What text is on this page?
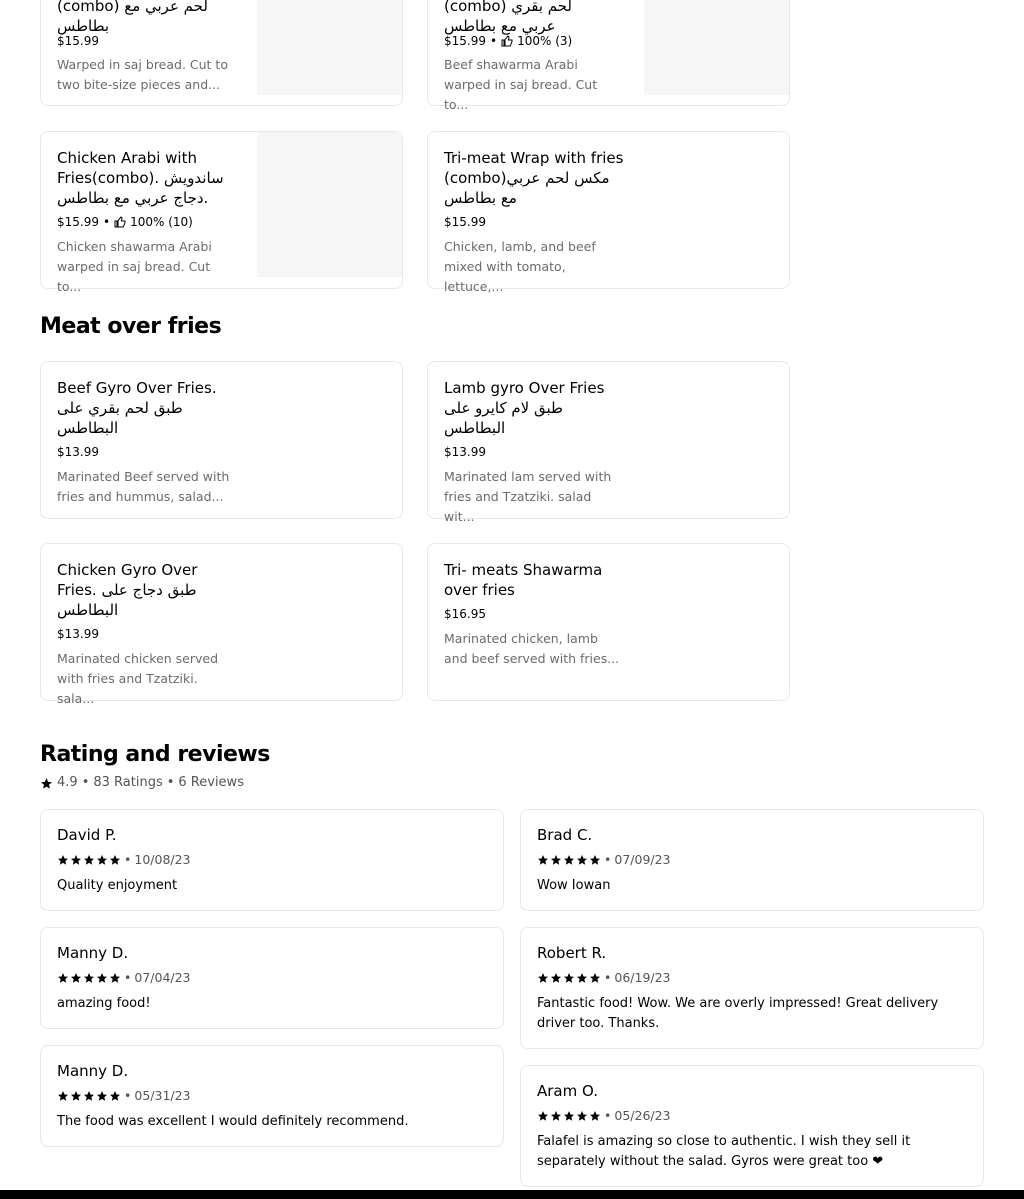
(combo) لحم عربي مع
بطاطس
$15.99
Warped in saj bread. Cut to two bite-size pieces and...
(combo) لحم بقري
عربي مع بطاطس
$15.99 • 100% (3)
Beef shawarma Arabi warped in saj bread. Cut to...
Chicken Arabi with Fries(combo). ساندويش دجاج عربي مع بطاطس.
$15.99 • 100% (10)
Chicken shawarma Arabi warped in saj bread. Cut to...
Tri-meat Wrap with fries (combo)مكس لحم عربي مع بطاطس
$15.99
Chicken, lamb, and beef mixed with tomato, lettuce,...
Meat over fries
Beef Gyro Over Fries. طبق لحم بقري على البطاطس
$13.99
Marinated Beef served with fries and hummus, salad...
Lamb gyro Over Fries طبق لام كايرو على البطاطس
$13.99
Marinated lam served with fries and Tzatziki. salad wit...
Chicken Gyro Over Fries. طبق دجاج على البطاطس
$13.99
Marinated chicken served with fries and Tzatziki. sala...
Tri- meats Shawarma over fries
$16.95
Marinated chicken, lamb and beef served with fries...
Rating and reviews
4.9 • 83 Ratings • 6 Reviews
David P.
• 10/08/23
Quality enjoyment
Brad C.
• 07/09/23
Wow Iowan
Manny D.
• 07/04/23
amazing food!
Robert R.
• 06/19/23
Fantastic food! Wow. We are overly impressed! Great delivery driver too. Thanks.
Manny D.
• 05/31/23
The food was excellent I would definitely recommend.
Aram O.
• 05/26/23
Falafel is amazing so close to authentic. I wish they sell it separately without the salad. Gyros were great too ❤
